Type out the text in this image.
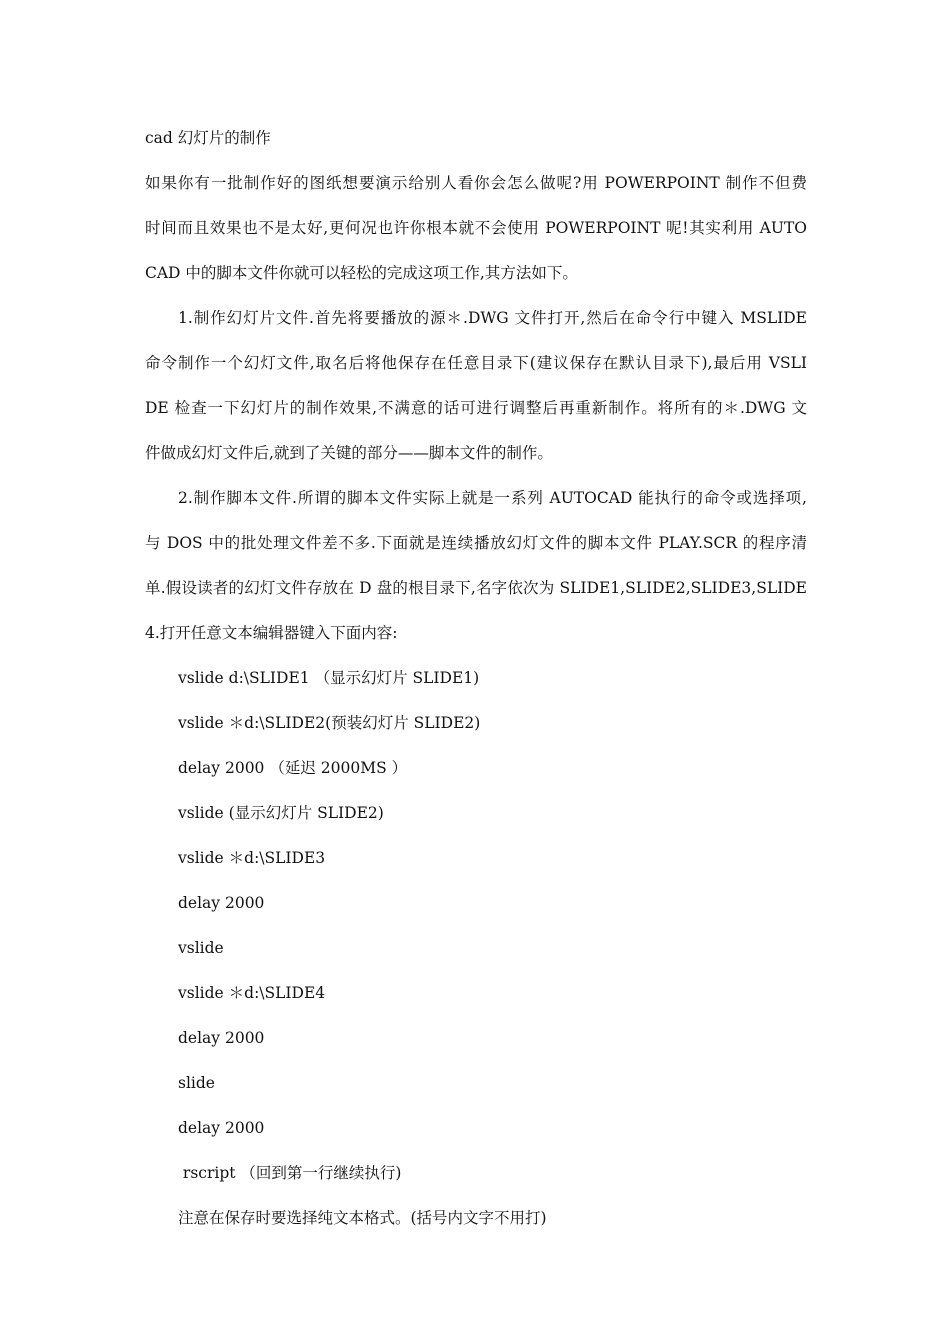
cad 幻灯片的制作
如果你有一批制作好的图纸想要演示给别人看你会怎么做呢?用 POWERPOINT 制作不但费
时间而且效果也不是太好,更何况也许你根本就不会使用 POWERPOINT 呢!其实利用 AUTO
CAD 中的脚本文件你就可以轻松的完成这项工作,其方法如下。
1.制作幻灯片文件.首先将要播放的源＊.DWG 文件打开,然后在命令行中键入 MSLIDE
命令制作一个幻灯文件,取名后将他保存在任意目录下(建议保存在默认目录下),最后用 VSLI
DE 检查一下幻灯片的制作效果,不满意的话可进行调整后再重新制作。将所有的＊.DWG 文
件做成幻灯文件后,就到了关键的部分——脚本文件的制作。
2.制作脚本文件.所谓的脚本文件实际上就是一系列 AUTOCAD 能执行的命令或选择项,
与 DOS 中的批处理文件差不多.下面就是连续播放幻灯文件的脚本文件 PLAY.SCR 的程序清
单.假设读者的幻灯文件存放在 D 盘的根目录下,名字依次为 SLIDE1,SLIDE2,SLIDE3,SLIDE
4.打开任意文本编辑器键入下面内容:
vslide d:\SLIDE1 （显示幻灯片 SLIDE1)
vslide ＊d:\SLIDE2(预装幻灯片 SLIDE2)
delay 2000 （延迟 2000MS ）
vslide (显示幻灯片 SLIDE2)
vslide ＊d:\SLIDE3
delay 2000
vslide
vslide ＊d:\SLIDE4
delay 2000
slide
delay 2000
rscript （回到第一行继续执行)
注意在保存时要选择纯文本格式。(括号内文字不用打)
